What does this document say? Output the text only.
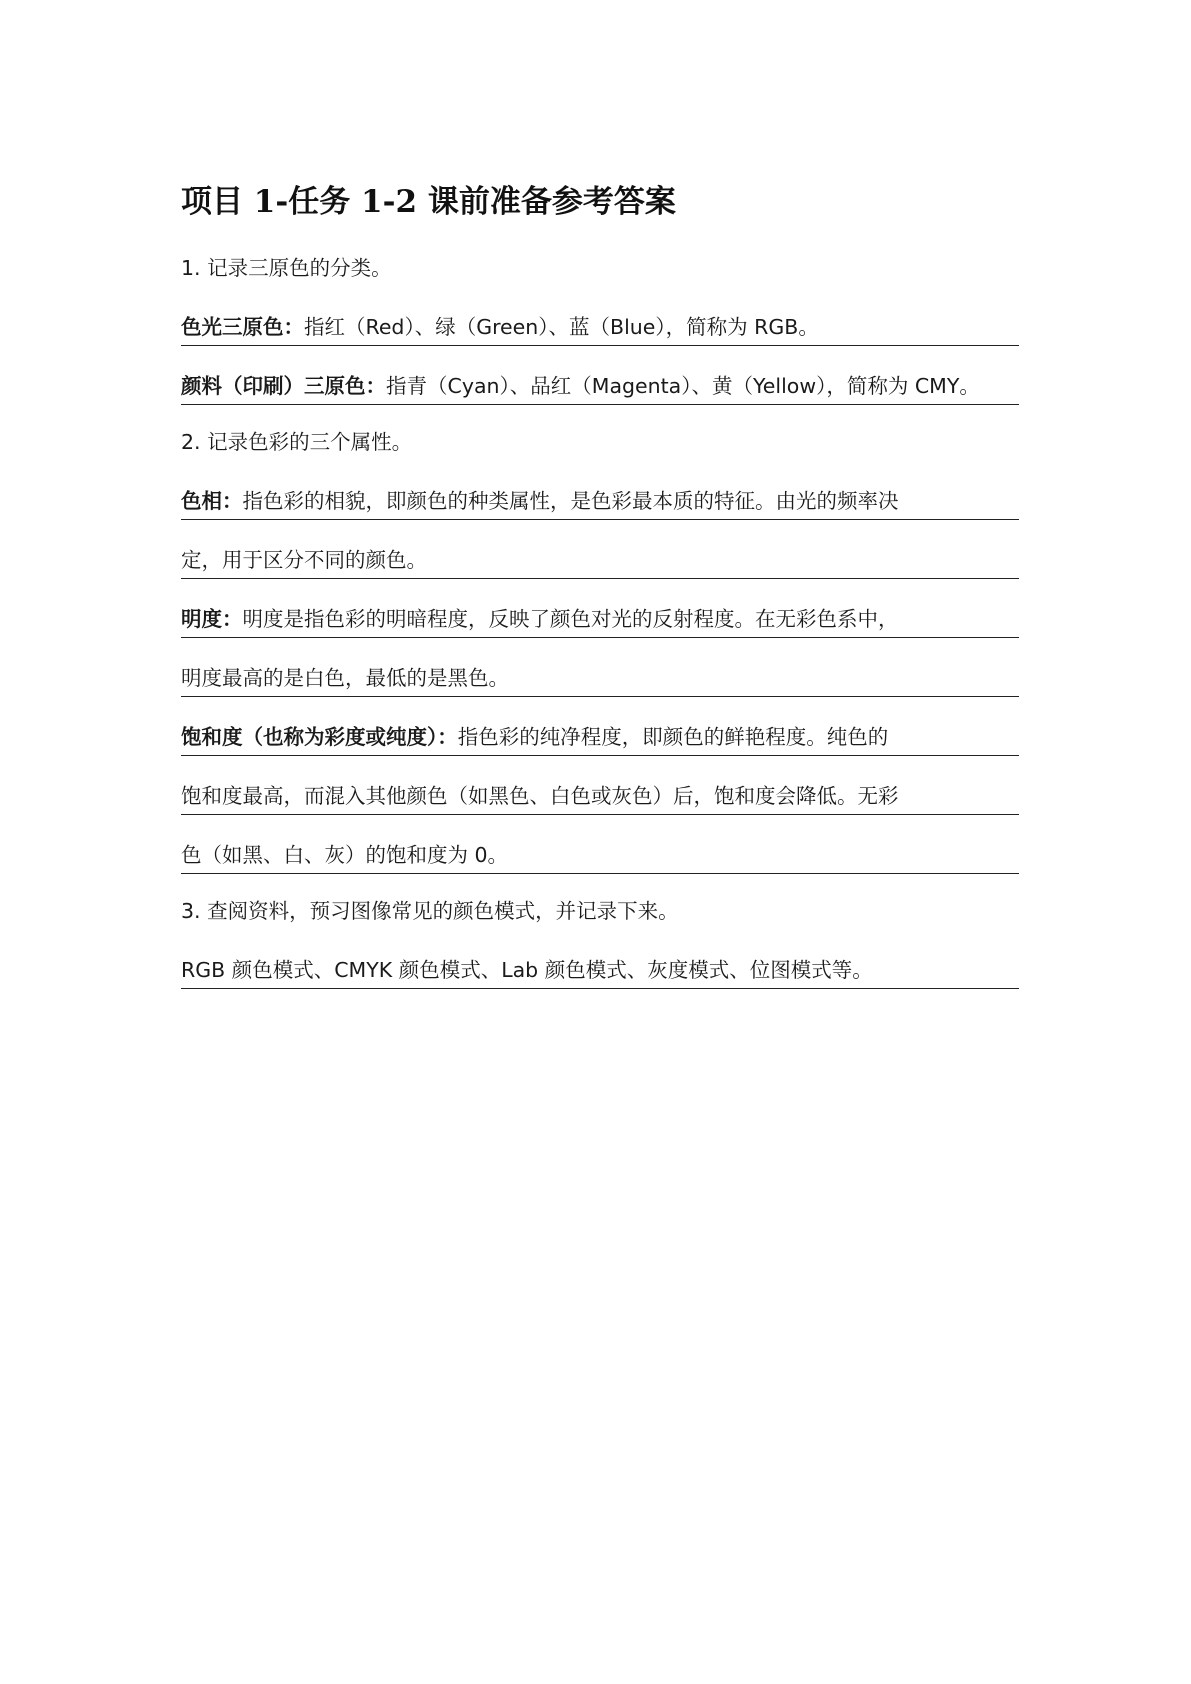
项目 1-任务 1-2 课前准备参考答案
1. 记录三原色的分类。
色光三原色：指红（Red）、绿（Green）、蓝（Blue），简称为 RGB。
颜料（印刷）三原色：指青（Cyan）、品红（Magenta）、黄（Yellow），简称为 CMY。
2. 记录色彩的三个属性。
色相：指色彩的相貌，即颜色的种类属性，是色彩最本质的特征。由光的频率决
定，用于区分不同的颜色。
明度：明度是指色彩的明暗程度，反映了颜色对光的反射程度。在无彩色系中，
明度最高的是白色，最低的是黑色。
饱和度（也称为彩度或纯度）：指色彩的纯净程度，即颜色的鲜艳程度。纯色的
饱和度最高，而混入其他颜色（如黑色、白色或灰色）后，饱和度会降低。无彩
色（如黑、白、灰）的饱和度为 0。
3. 查阅资料，预习图像常见的颜色模式，并记录下来。
RGB 颜色模式、CMYK 颜色模式、Lab 颜色模式、灰度模式、位图模式等。
